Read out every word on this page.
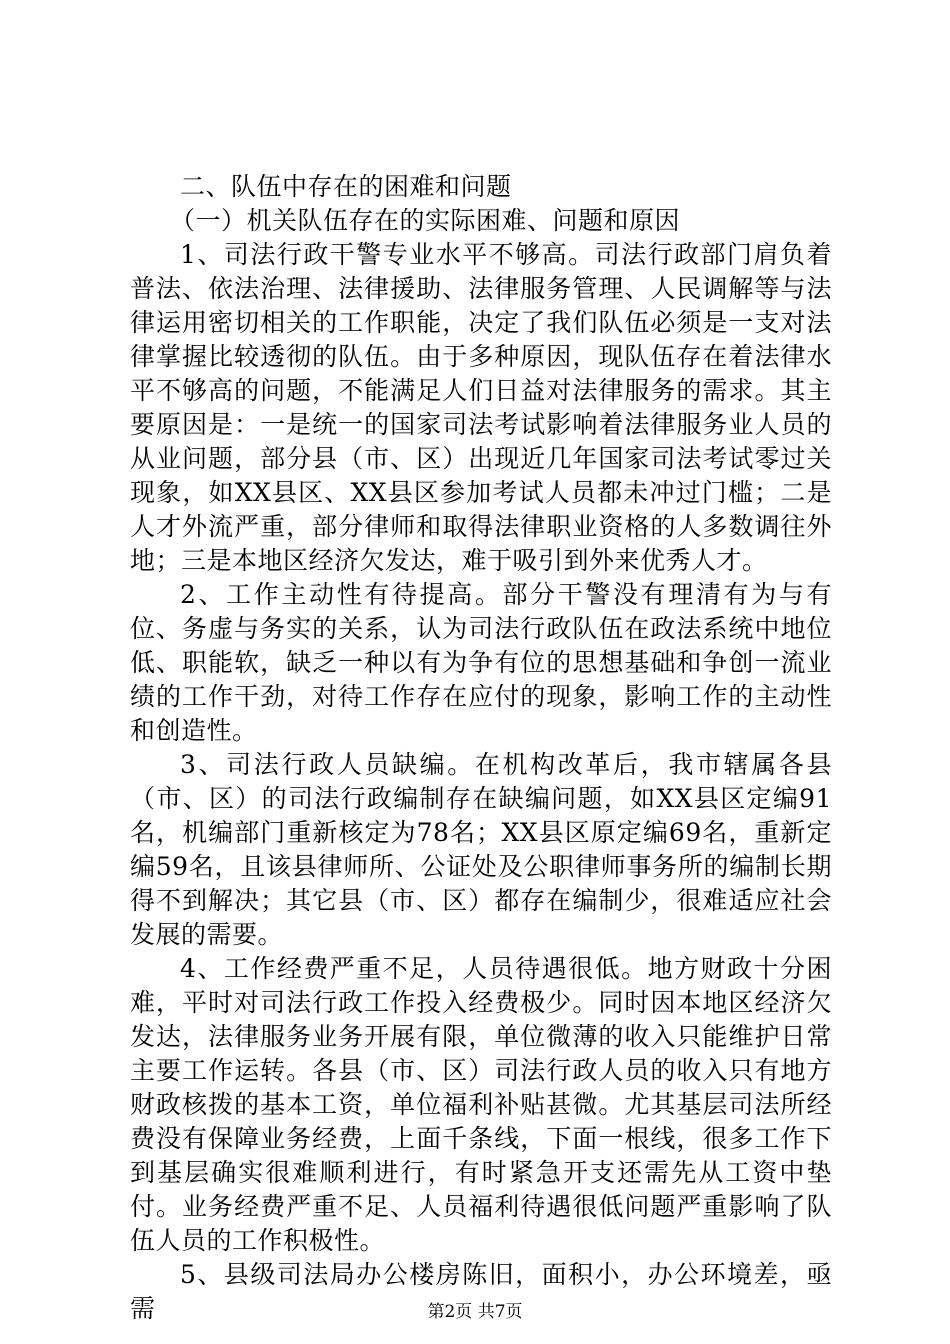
二、队伍中存在的困难和问题

（一）机关队伍存在的实际困难、问题和原因

1、司法行政干警专业水平不够高。司法行政部门肩负着普法、依法治理、法律援助、法律服务管理、人民调解等与法律运用密切相关的工作职能，决定了我们队伍必须是一支对法律掌握比较透彻的队伍。由于多种原因，现队伍存在着法律水平不够高的问题，不能满足人们日益对法律服务的需求。其主要原因是：一是统一的国家司法考试影响着法律服务业人员的从业问题，部分县（市、区）出现近几年国家司法考试零过关现象，如XX县区、XX县区参加考试人员都未冲过门槛；二是人才外流严重，部分律师和取得法律职业资格的人多数调往外地；三是本地区经济欠发达，难于吸引到外来优秀人才。

2、工作主动性有待提高。部分干警没有理清有为与有位、务虚与务实的关系，认为司法行政队伍在政法系统中地位低、职能软，缺乏一种以有为争有位的思想基础和争创一流业绩的工作干劲，对待工作存在应付的现象，影响工作的主动性和创造性。

3、司法行政人员缺编。在机构改革后，我市辖属各县（市、区）的司法行政编制存在缺编问题，如XX县区定编91名，机编部门重新核定为78名；XX县区原定编69名，重新定编59名，且该县律师所、公证处及公职律师事务所的编制长期得不到解决；其它县（市、区）都存在编制少，很难适应社会发展的需要。

4、工作经费严重不足，人员待遇很低。地方财政十分困难，平时对司法行政工作投入经费极少。同时因本地区经济欠发达，法律服务业务开展有限，单位微薄的收入只能维护日常主要工作运转。各县（市、区）司法行政人员的收入只有地方财政核拨的基本工资，单位福利补贴甚微。尤其基层司法所经费没有保障业务经费，上面千条线，下面一根线，很多工作下到基层确实很难顺利进行，有时紧急开支还需先从工资中垫付。业务经费严重不足、人员福利待遇很低问题严重影响了队伍人员的工作积极性。

5、县级司法局办公楼房陈旧，面积小，办公环境差，亟需	第2页 共7页
